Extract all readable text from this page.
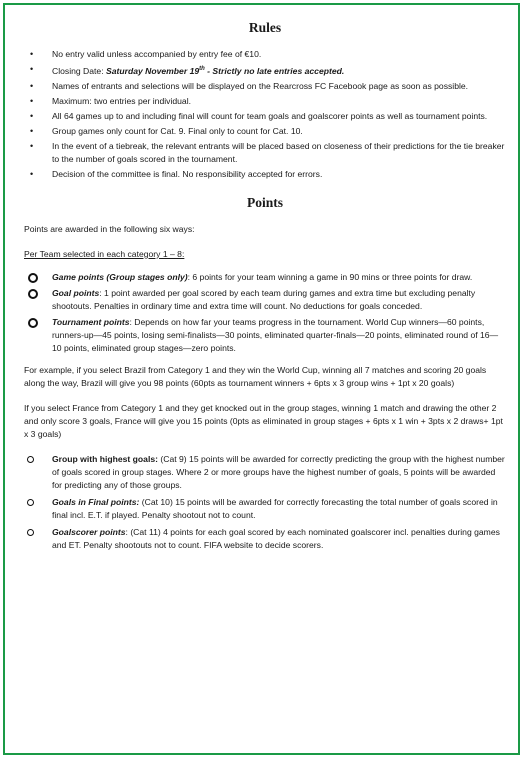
Rules
• No entry valid unless accompanied by entry fee of €10.
• Closing Date: Saturday November 19th - Strictly no late entries accepted.
• Names of entrants and selections will be displayed on the Rearcross FC Facebook page as soon as possible.
• Maximum: two entries per individual.
• All 64 games up to and including final will count for team goals and goalscorer points as well as tournament points.
• Group games only count for Cat. 9. Final only to count for Cat. 10.
• In the event of a tiebreak, the relevant entrants will be placed based on closeness of their predictions for the tie breaker to the number of goals scored in the tournament.
• Decision of the committee is final. No responsibility accepted for errors.
Points
Points are awarded in the following six ways:
Per Team selected in each category 1 – 8:
Game points (Group stages only): 6 points for your team winning a game in 90 mins or three points for draw.
Goal points: 1 point awarded per goal scored by each team during games and extra time but excluding penalty shootouts. Penalties in ordinary time and extra time will count. No deductions for goals conceded.
Tournament points: Depends on how far your teams progress in the tournament. World Cup winners—60 points, runners-up—45 points, losing semi-finalists—30 points, eliminated quarter-finals—20 points, eliminated round of 16—10 points, eliminated group stages—zero points.
For example, if you select Brazil from Category 1 and they win the World Cup, winning all 7 matches and scoring 20 goals along the way, Brazil will give you 98 points (60pts as tournament winners + 6pts x 3 group wins + 1pt x 20 goals)
If you select France from Category 1 and they get knocked out in the group stages, winning 1 match and drawing the other 2 and only score 3 goals, France will give you 15 points (0pts as eliminated in group stages + 6pts x 1 win + 3pts x 2 draws+ 1pt x 3 goals)
Group with highest goals: (Cat 9) 15 points will be awarded for correctly predicting the group with the highest number of goals scored in group stages. Where 2 or more groups have the highest number of goals, 5 points will be awarded for predicting any of those groups.
Goals in Final points: (Cat 10) 15 points will be awarded for correctly forecasting the total number of goals scored in final incl. E.T. if played. Penalty shootout not to count.
Goalscorer points: (Cat 11) 4 points for each goal scored by each nominated goalscorer incl. penalties during games and ET. Penalty shootouts not to count. FIFA website to decide scorers.
